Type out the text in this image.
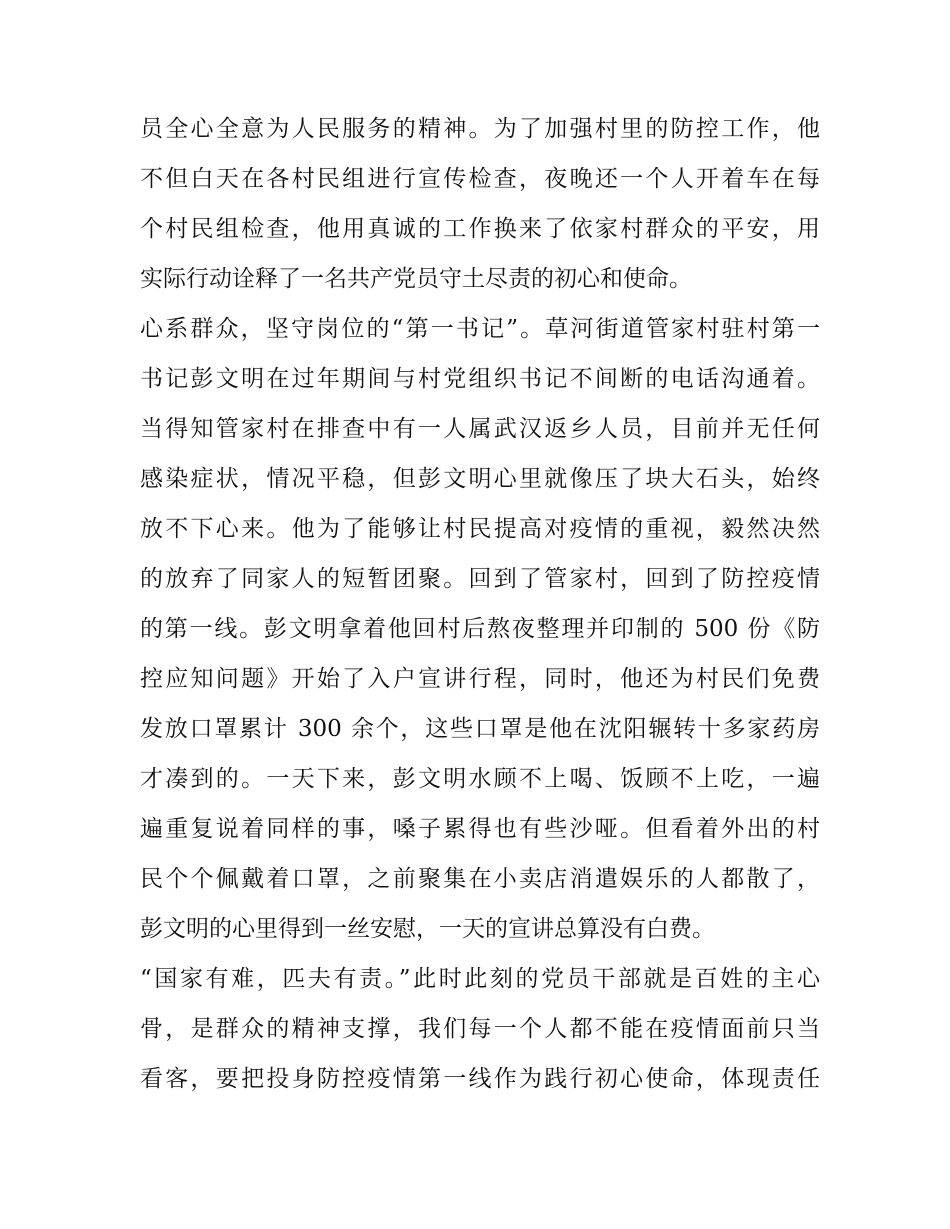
员全心全意为人民服务的精神。为了加强村里的防控工作，他
不但白天在各村民组进行宣传检查，夜晚还一个人开着车在每
个村民组检查，他用真诚的工作换来了依家村群众的平安，用
实际行动诠释了一名共产党员守土尽责的初心和使命。
心系群众，坚守岗位的“第一书记”。草河街道管家村驻村第一
书记彭文明在过年期间与村党组织书记不间断的电话沟通着。
当得知管家村在排查中有一人属武汉返乡人员，目前并无任何
感染症状，情况平稳，但彭文明心里就像压了块大石头，始终
放不下心来。他为了能够让村民提高对疫情的重视，毅然决然
的放弃了同家人的短暂团聚。回到了管家村，回到了防控疫情
的第一线。彭文明拿着他回村后熬夜整理并印制的 500 份《防
控应知问题》开始了入户宣讲行程，同时，他还为村民们免费
发放口罩累计 300 余个，这些口罩是他在沈阳辗转十多家药房
才凑到的。一天下来，彭文明水顾不上喝、饭顾不上吃，一遍
遍重复说着同样的事，嗓子累得也有些沙哑。但看着外出的村
民个个佩戴着口罩，之前聚集在小卖店消遣娱乐的人都散了，
彭文明的心里得到一丝安慰，一天的宣讲总算没有白费。
“国家有难，匹夫有责。”此时此刻的党员干部就是百姓的主心
骨，是群众的精神支撑，我们每一个人都不能在疫情面前只当
看客，要把投身防控疫情第一线作为践行初心使命，体现责任
